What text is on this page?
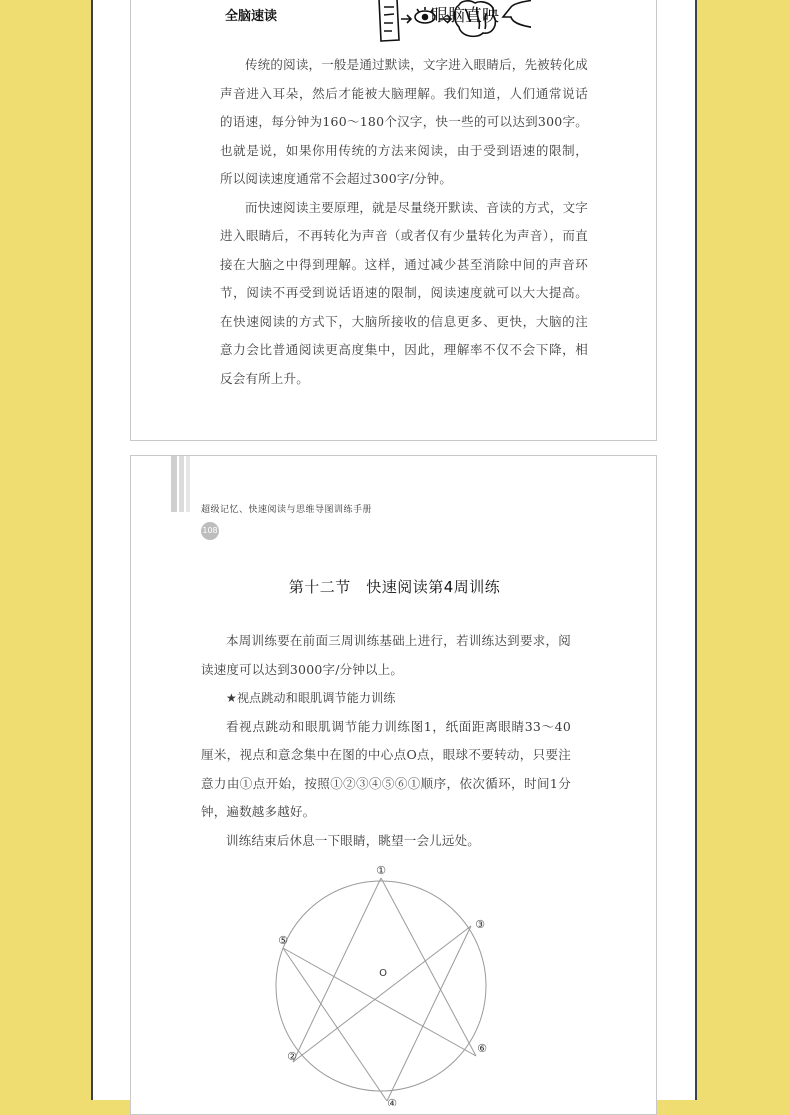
全脑速读	眼脑直映

传统的阅读，一般是通过默读，文字进入眼睛后，先被转化成声音进入耳朵，然后才能被大脑理解。我们知道，人们通常说话的语速，每分钟为160～180个汉字，快一些的可以达到300字。也就是说，如果你用传统的方法来阅读，由于受到语速的限制，所以阅读速度通常不会超过300字/分钟。

而快速阅读主要原理，就是尽量绕开默读、音读的方式，文字进入眼睛后，不再转化为声音（或者仅有少量转化为声音），而直接在大脑之中得到理解。这样，通过减少甚至消除中间的声音环节，阅读不再受到说话语速的限制，阅读速度就可以大大提高。在快速阅读的方式下，大脑所接收的信息更多、更快，大脑的注意力会比普通阅读更高度集中，因此，理解率不仅不会下降，相反会有所上升。

超级记忆、快速阅读与思维导图训练手册
108
第十二节　快速阅读第4周训练

本周训练要在前面三周训练基础上进行，若训练达到要求，阅读速度可以达到3000字/分钟以上。

★视点跳动和眼肌调节能力训练

看视点跳动和眼肌调节能力训练图1，纸面距离眼睛33～40厘米，视点和意念集中在图的中心点O点，眼球不要转动，只要注意力由①点开始，按照①②③④⑤⑥①顺序，依次循环，时间1分钟，遍数越多越好。

训练结束后休息一下眼睛，眺望一会儿远处。

①
②
③
④
⑤
⑥
O
